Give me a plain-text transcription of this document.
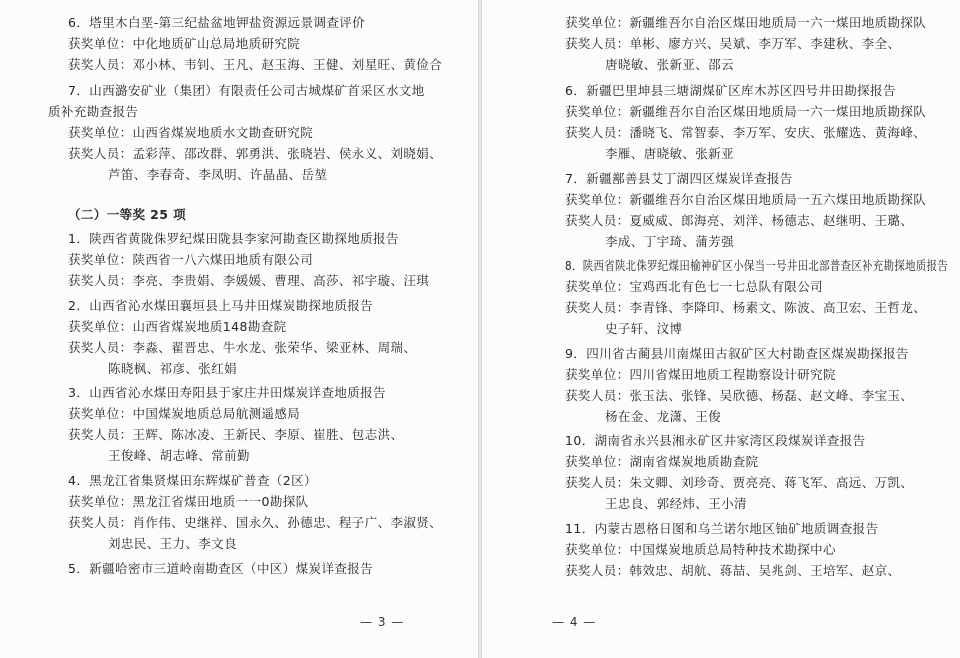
6．塔里木白垩-第三纪盐盆地钾盐资源远景调查评价
获奖单位：中化地质矿山总局地质研究院
获奖人员：邓小林、韦钊、王凡、赵玉海、王健、刘星旺、黄俭合
7．山西潞安矿业（集团）有限责任公司古城煤矿首采区水文地
质补充勘查报告
获奖单位：山西省煤炭地质水文勘查研究院
获奖人员：孟彩萍、邵改群、郭勇洪、张晓岩、侯永义、刘晓娟、
芦笛、李春奇、李凤明、许晶晶、岳堃
（二）一等奖 25 项
1．陕西省黄陇侏罗纪煤田陇县李家河勘查区勘探地质报告
获奖单位：陕西省一八六煤田地质有限公司
获奖人员：李亮、李贵娟、李媛媛、曹理、高莎、祁宇璇、汪琪
2．山西省沁水煤田襄垣县上马井田煤炭勘探地质报告
获奖单位：山西省煤炭地质148勘查院
获奖人员：李淼、翟晋忠、牛水龙、张荣华、梁亚林、周瑞、
陈晓枫、祁彦、张红娟
3．山西省沁水煤田寿阳县于家庄井田煤炭详查地质报告
获奖单位：中国煤炭地质总局航测遥感局
获奖人员：王辉、陈冰凌、王新民、李原、崔胜、包志洪、
王俊峰、胡志峰、常前勤
4．黑龙江省集贤煤田东辉煤矿普查（2区）
获奖单位：黑龙江省煤田地质一一0勘探队
获奖人员：肖作伟、史继祥、国永久、孙德忠、程子广、李淑贤、
刘忠民、王力、李文良
5．新疆哈密市三道岭南勘查区（中区）煤炭详查报告
— 3 —
获奖单位：新疆维吾尔自治区煤田地质局一六一煤田地质勘探队
获奖人员：单彬、廖方兴、吴斌、李万军、李建秋、李全、
唐晓敏、张新亚、邵云
6．新疆巴里坤县三塘湖煤矿区库木苏区四号井田勘探报告
获奖单位：新疆维吾尔自治区煤田地质局一六一煤田地质勘探队
获奖人员：潘晓飞、常智泰、李万军、安庆、张耀选、黄海峰、
李雁、唐晓敏、张新亚
7．新疆鄯善县艾丁湖四区煤炭详查报告
获奖单位：新疆维吾尔自治区煤田地质局一五六煤田地质勘探队
获奖人员：夏威威、郎海亮、刘洋、杨德志、赵继明、王璐、
李成、丁宇琦、蒲芳强
8．陕西省陕北侏罗纪煤田榆神矿区小保当一号井田北部普查区补充勘探地质报告
获奖单位：宝鸡西北有色七一七总队有限公司
获奖人员：李青锋、李降印、杨素文、陈波、高卫宏、王哲龙、
史子轩、汶博
9．四川省古蔺县川南煤田古叙矿区大村勘查区煤炭勘探报告
获奖单位：四川省煤田地质工程勘察设计研究院
获奖人员：张玉法、张锋、吴欣德、杨磊、赵文峰、李宝玉、
杨在金、龙潇、王俊
10．湖南省永兴县湘永矿区井家湾区段煤炭详查报告
获奖单位：湖南省煤炭地质勘查院
获奖人员：朱文卿、刘珍奇、贾亮亮、蒋飞军、高远、万凯、
王忠良、郭经炜、王小清
11．内蒙古恩格日图和乌兰诺尔地区铀矿地质调查报告
获奖单位：中国煤炭地质总局特种技术勘探中心
获奖人员：韩效忠、胡航、蒋喆、吴兆剑、王培军、赵京、
— 4 —
